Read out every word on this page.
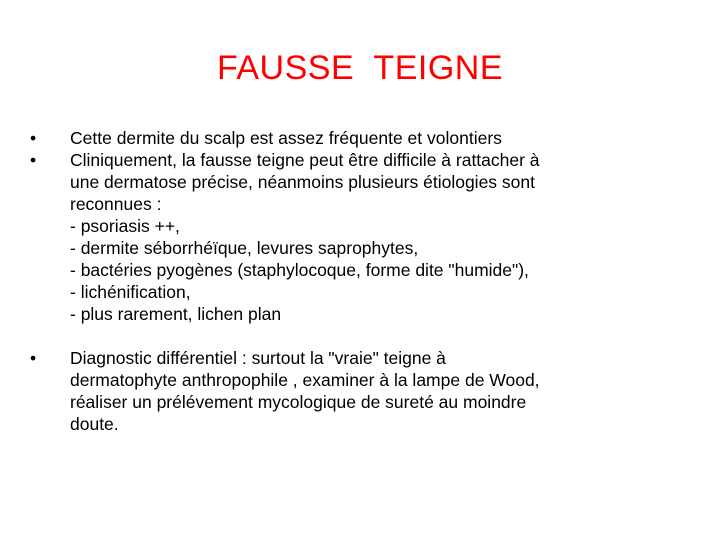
FAUSSE  TEIGNE
•	Cette dermite du scalp est assez fréquente et volontiers
•	Cliniquement, la fausse teigne peut être difficile à rattacher à
une dermatose précise, néanmoins plusieurs étiologies sont
reconnues :
- psoriasis ++,
- dermite séborrhéïque, levures saprophytes,
- bactéries pyogènes (staphylocoque, forme dite "humide"),
- lichénification,
- plus rarement, lichen plan
•	Diagnostic différentiel : surtout la "vraie" teigne à
dermatophyte anthropophile , examiner à la lampe de Wood,
réaliser un prélévement mycologique de sureté au moindre
doute.
